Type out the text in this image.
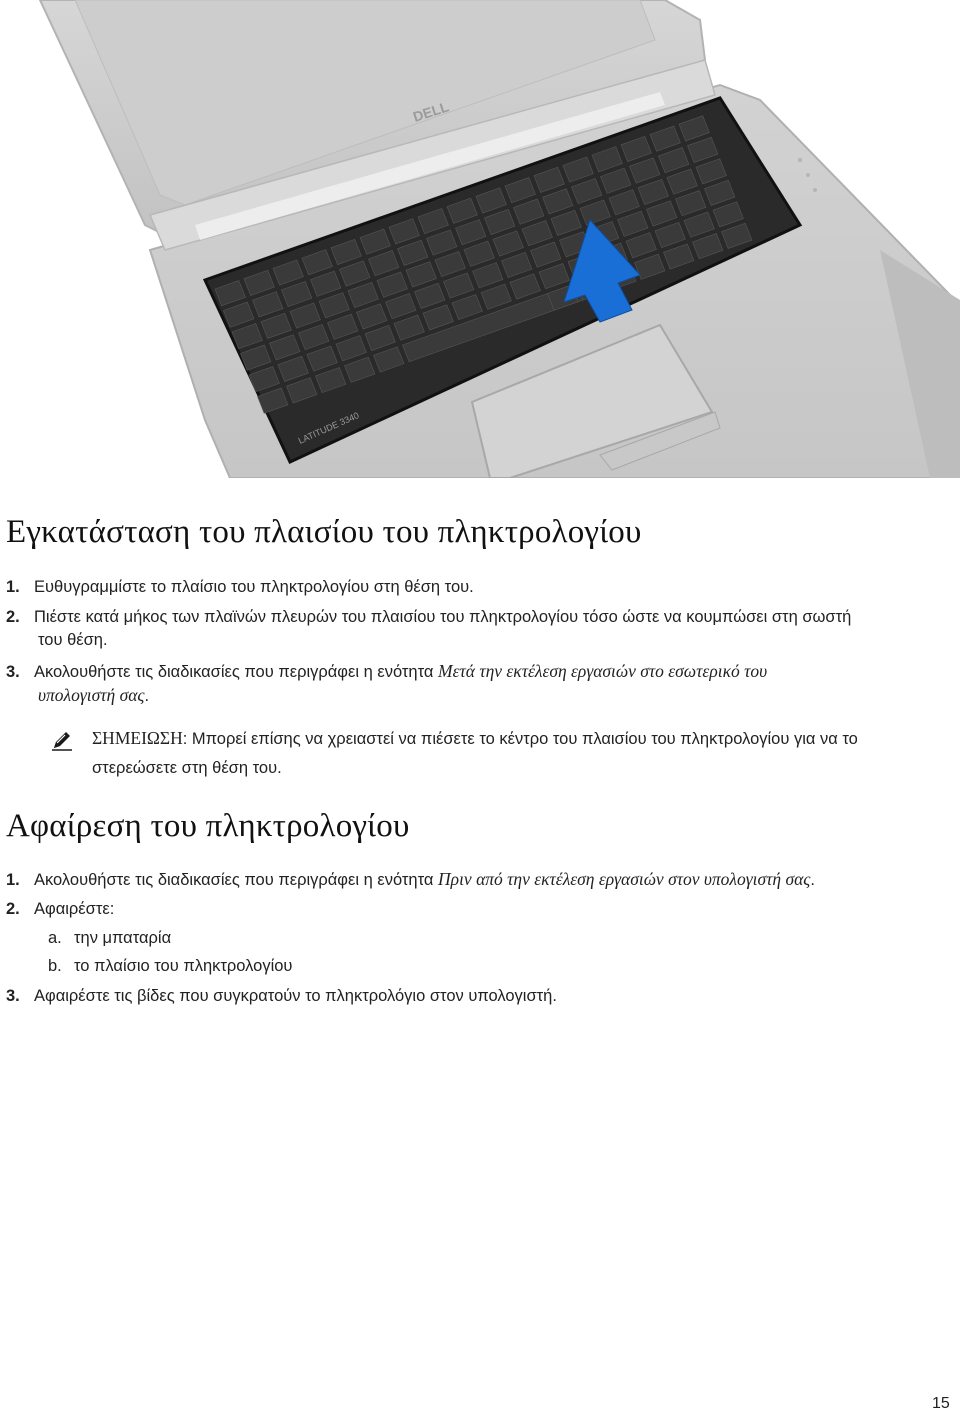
LATITUDE 3340
DELL
Εγκατάσταση του πλαισίου του πληκτρολογίου
1. Ευθυγραμμίστε το πλαίσιο του πληκτρολογίου στη θέση του.
2. Πιέστε κατά μήκος των πλαϊνών πλευρών του πλαισίου του πληκτρολογίου τόσο ώστε να κουμπώσει στη σωστή
του θέση.
3. Ακολουθήστε τις διαδικασίες που περιγράφει η ενότητα Μετά την εκτέλεση εργασιών στο εσωτερικό του
υπολογιστή σας.
ΣΗΜΕΙΩΣΗ: Μπορεί επίσης να χρειαστεί να πιέσετε το κέντρο του πλαισίου του πληκτρολογίου για να το
στερεώσετε στη θέση του.
Αφαίρεση του πληκτρολογίου
1. Ακολουθήστε τις διαδικασίες που περιγράφει η ενότητα Πριν από την εκτέλεση εργασιών στον υπολογιστή σας.
2. Αφαιρέστε:
a. την μπαταρία
b. το πλαίσιο του πληκτρολογίου
3. Αφαιρέστε τις βίδες που συγκρατούν το πληκτρολόγιο στον υπολογιστή.
15
